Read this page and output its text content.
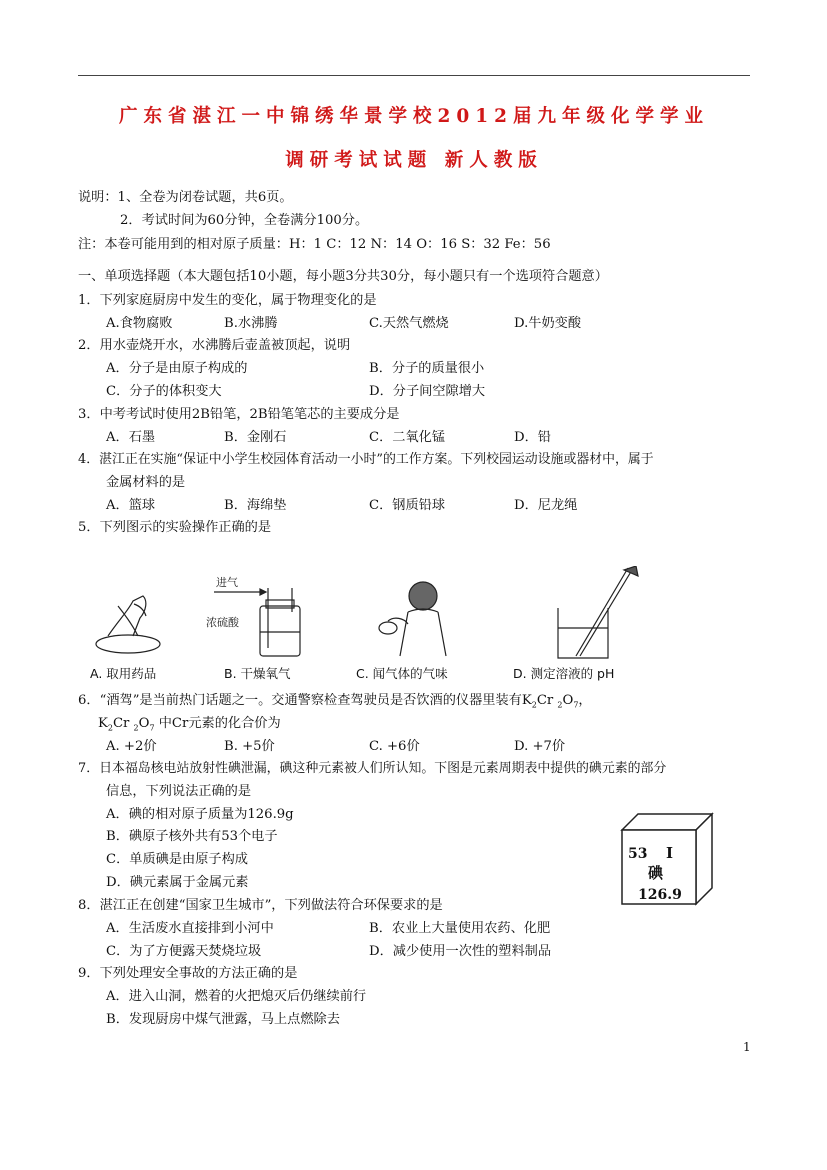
广东省湛江一中锦绣华景学校2012届九年级化学学业
调研考试试题 新人教版
说明：1、全卷为闭卷试题，共6页。
2．考试时间为60分钟，全卷满分100分。
注：本卷可能用到的相对原子质量：H：1 C：12 N：14 O：16 S：32 Fe：56
一、单项选择题（本大题包括10小题，每小题3分共30分，每小题只有一个选项符合题意）
1．下列家庭厨房中发生的变化，属于物理变化的是
A.食物腐败	B.水沸腾	C.天然气燃烧	D.牛奶变酸
2．用水壶烧开水，水沸腾后壶盖被顶起，说明
A．分子是由原子构成的	B．分子的质量很小
C．分子的体积变大	D．分子间空隙增大
3．中考考试时使用2B铅笔，2B铅笔笔芯的主要成分是
A．石墨	B．金刚石	C．二氧化锰	D．铅
4．湛江正在实施“保证中小学生校园体育活动一小时”的工作方案。下列校园运动设施或器材中，属于
金属材料的是
A．篮球	B．海绵垫	C．钢质铅球	D．尼龙绳
5．下列图示的实验操作正确的是
进气
浓硫酸
A. 取用药品	B. 干燥氧气	C. 闻气体的气味	D. 测定溶液的 pH
6．“酒驾”是当前热门话题之一。交通警察检查驾驶员是否饮酒的仪器里装有$K_2Cr$ $_2O_7$，
$K_2Cr$ $_2O_7$ 中Cr元素的化合价为
A. +2价	B. +5价	C. +6价	D. +7价
7．日本福岛核电站放射性碘泄漏，碘这种元素被人们所认知。下图是元素周期表中提供的碘元素的部分
信息，下列说法正确的是
A．碘的相对原子质量为126.9g
B．碘原子核外共有53个电子
C．单质碘是由原子构成
D．碘元素属于金属元素
53 I
碘
126.9
8．湛江正在创建“国家卫生城市”，下列做法符合环保要求的是
A．生活废水直接排到小河中	B．农业上大量使用农药、化肥
C．为了方便露天焚烧垃圾	D．减少使用一次性的塑料制品
9．下列处理安全事故的方法正确的是
A．进入山洞，燃着的火把熄灭后仍继续前行
B．发现厨房中煤气泄露，马上点燃除去
1
